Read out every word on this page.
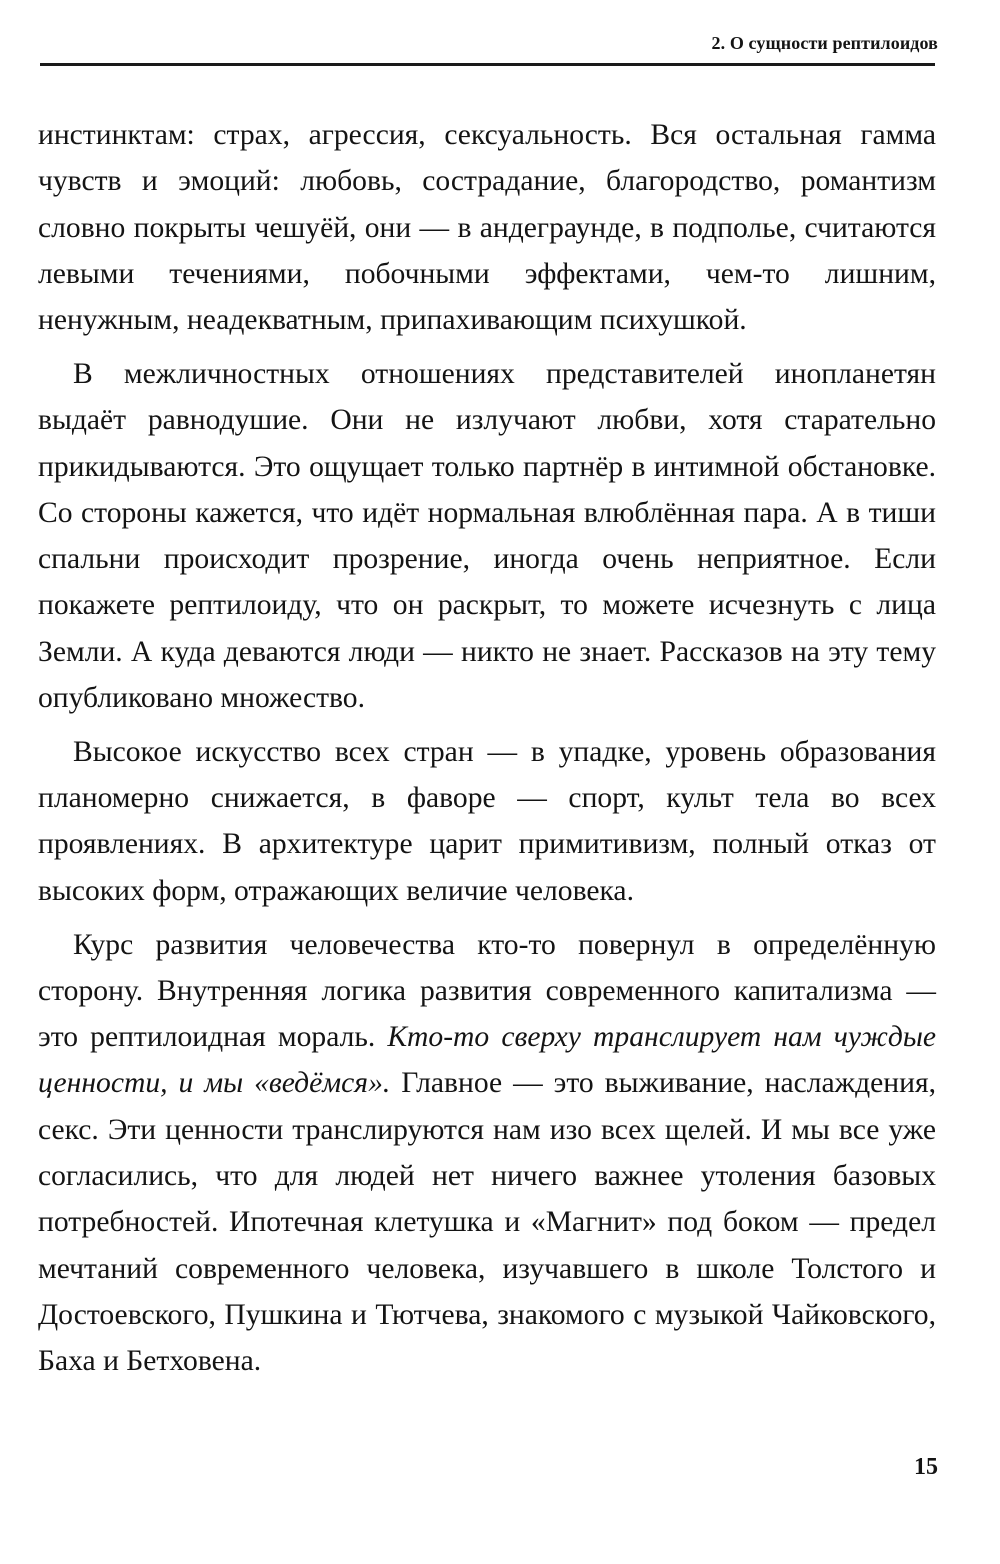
2. О сущности рептилоидов

инстинктам: страх, агрессия, сексуальность. Вся остальная гамма чувств и эмоций: любовь, сострадание, благородство, романтизм словно покрыты чешуёй, они — в андеграунде, в подполье, считаются левыми течениями, побочными эффектами, чем-то лишним, ненужным, неадекватным, припахивающим психушкой.

В межличностных отношениях представителей инопланетян выдаёт равнодушие. Они не излучают любви, хотя старательно прикидываются. Это ощущает только партнёр в интимной обстановке. Со стороны кажется, что идёт нормальная влюблённая пара. А в тиши спальни происходит прозрение, иногда очень неприятное. Если покажете рептилоиду, что он раскрыт, то можете исчезнуть с лица Земли. А куда деваются люди — никто не знает. Рассказов на эту тему опубликовано множество.

Высокое искусство всех стран — в упадке, уровень образования планомерно снижается, в фаворе — спорт, культ тела во всех проявлениях. В архитектуре царит примитивизм, полный отказ от высоких форм, отражающих величие человека.

Курс развития человечества кто-то повернул в определённую сторону. Внутренняя логика развития современного капитализма — это рептилоидная мораль. Кто-то сверху транслирует нам чуждые ценности, и мы «ведёмся». Главное — это выживание, наслаждения, секс. Эти ценности транслируются нам изо всех щелей. И мы все уже согласились, что для людей нет ничего важнее утоления базовых потребностей. Ипотечная клетушка и «Магнит» под боком — предел мечтаний современного человека, изучавшего в школе Толстого и Достоевского, Пушкина и Тютчева, знакомого с музыкой Чайковского, Баха и Бетховена.

15
